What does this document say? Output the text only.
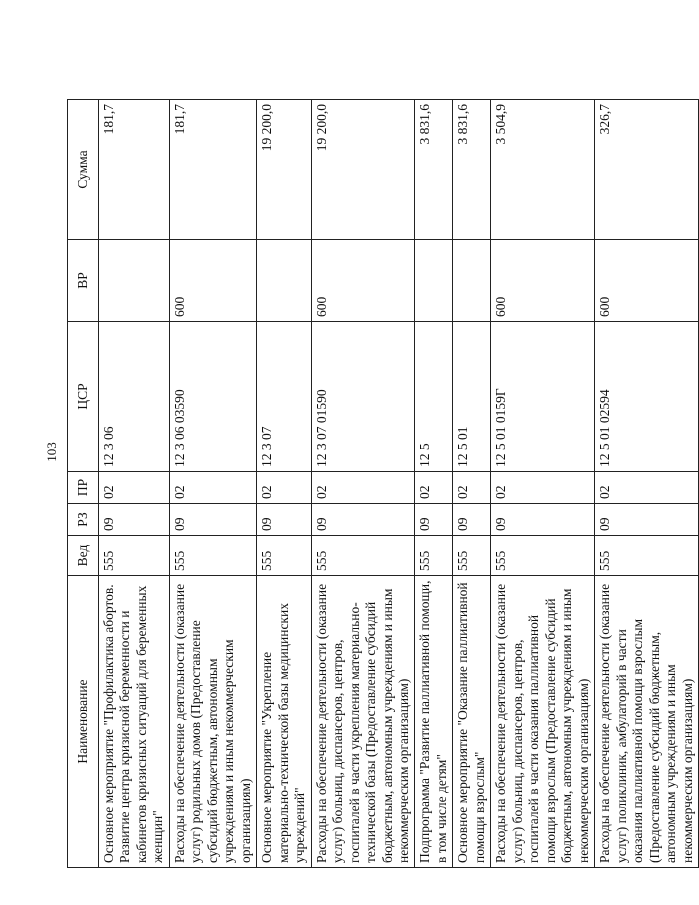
103
Наименование	Вед	РЗ	ПР	ЦСР	ВР	Сумма
Основное мероприятие "Профилактика абортов. Развитие центра кризисной беременности и кабинетов кризисных ситуаций для беременных женщин"	555	09	02	12 3 06		181,7
Расходы на обеспечение деятельности (оказание услуг) родильных домов (Предоставление субсидий бюджетным, автономным учреждениям и иным некоммерческим организациям)	555	09	02	12 3 06 03590	600	181,7
Основное мероприятие "Укрепление материально-технической базы медицинских учреждений"	555	09	02	12 3 07		19 200,0
Расходы на обеспечение деятельности (оказание услуг) больниц, диспансеров, центров, госпиталей в части укрепления материально-технической базы (Предоставление субсидий бюджетным, автономным учреждениям и иным некоммерческим организациям)	555	09	02	12 3 07 01590	600	19 200,0
Подпрограмма "Развитие паллиативной помощи, в том числе детям"	555	09	02	12 5		3 831,6
Основное мероприятие "Оказание паллиативной помощи взрослым"	555	09	02	12 5 01		3 831,6
Расходы на обеспечение деятельности (оказание услуг) больниц, диспансеров, центров, госпиталей в части оказания паллиативной помощи взрослым (Предоставление субсидий бюджетным, автономным учреждениям и иным некоммерческим организациям)	555	09	02	12 5 01 0159Г	600	3 504,9
Расходы на обеспечение деятельности (оказание услуг) поликлиник, амбулаторий в части оказания паллиативной помощи взрослым (Предоставление субсидий бюджетным, автономным учреждениям и иным некоммерческим организациям)	555	09	02	12 5 01 02594	600	326,7
